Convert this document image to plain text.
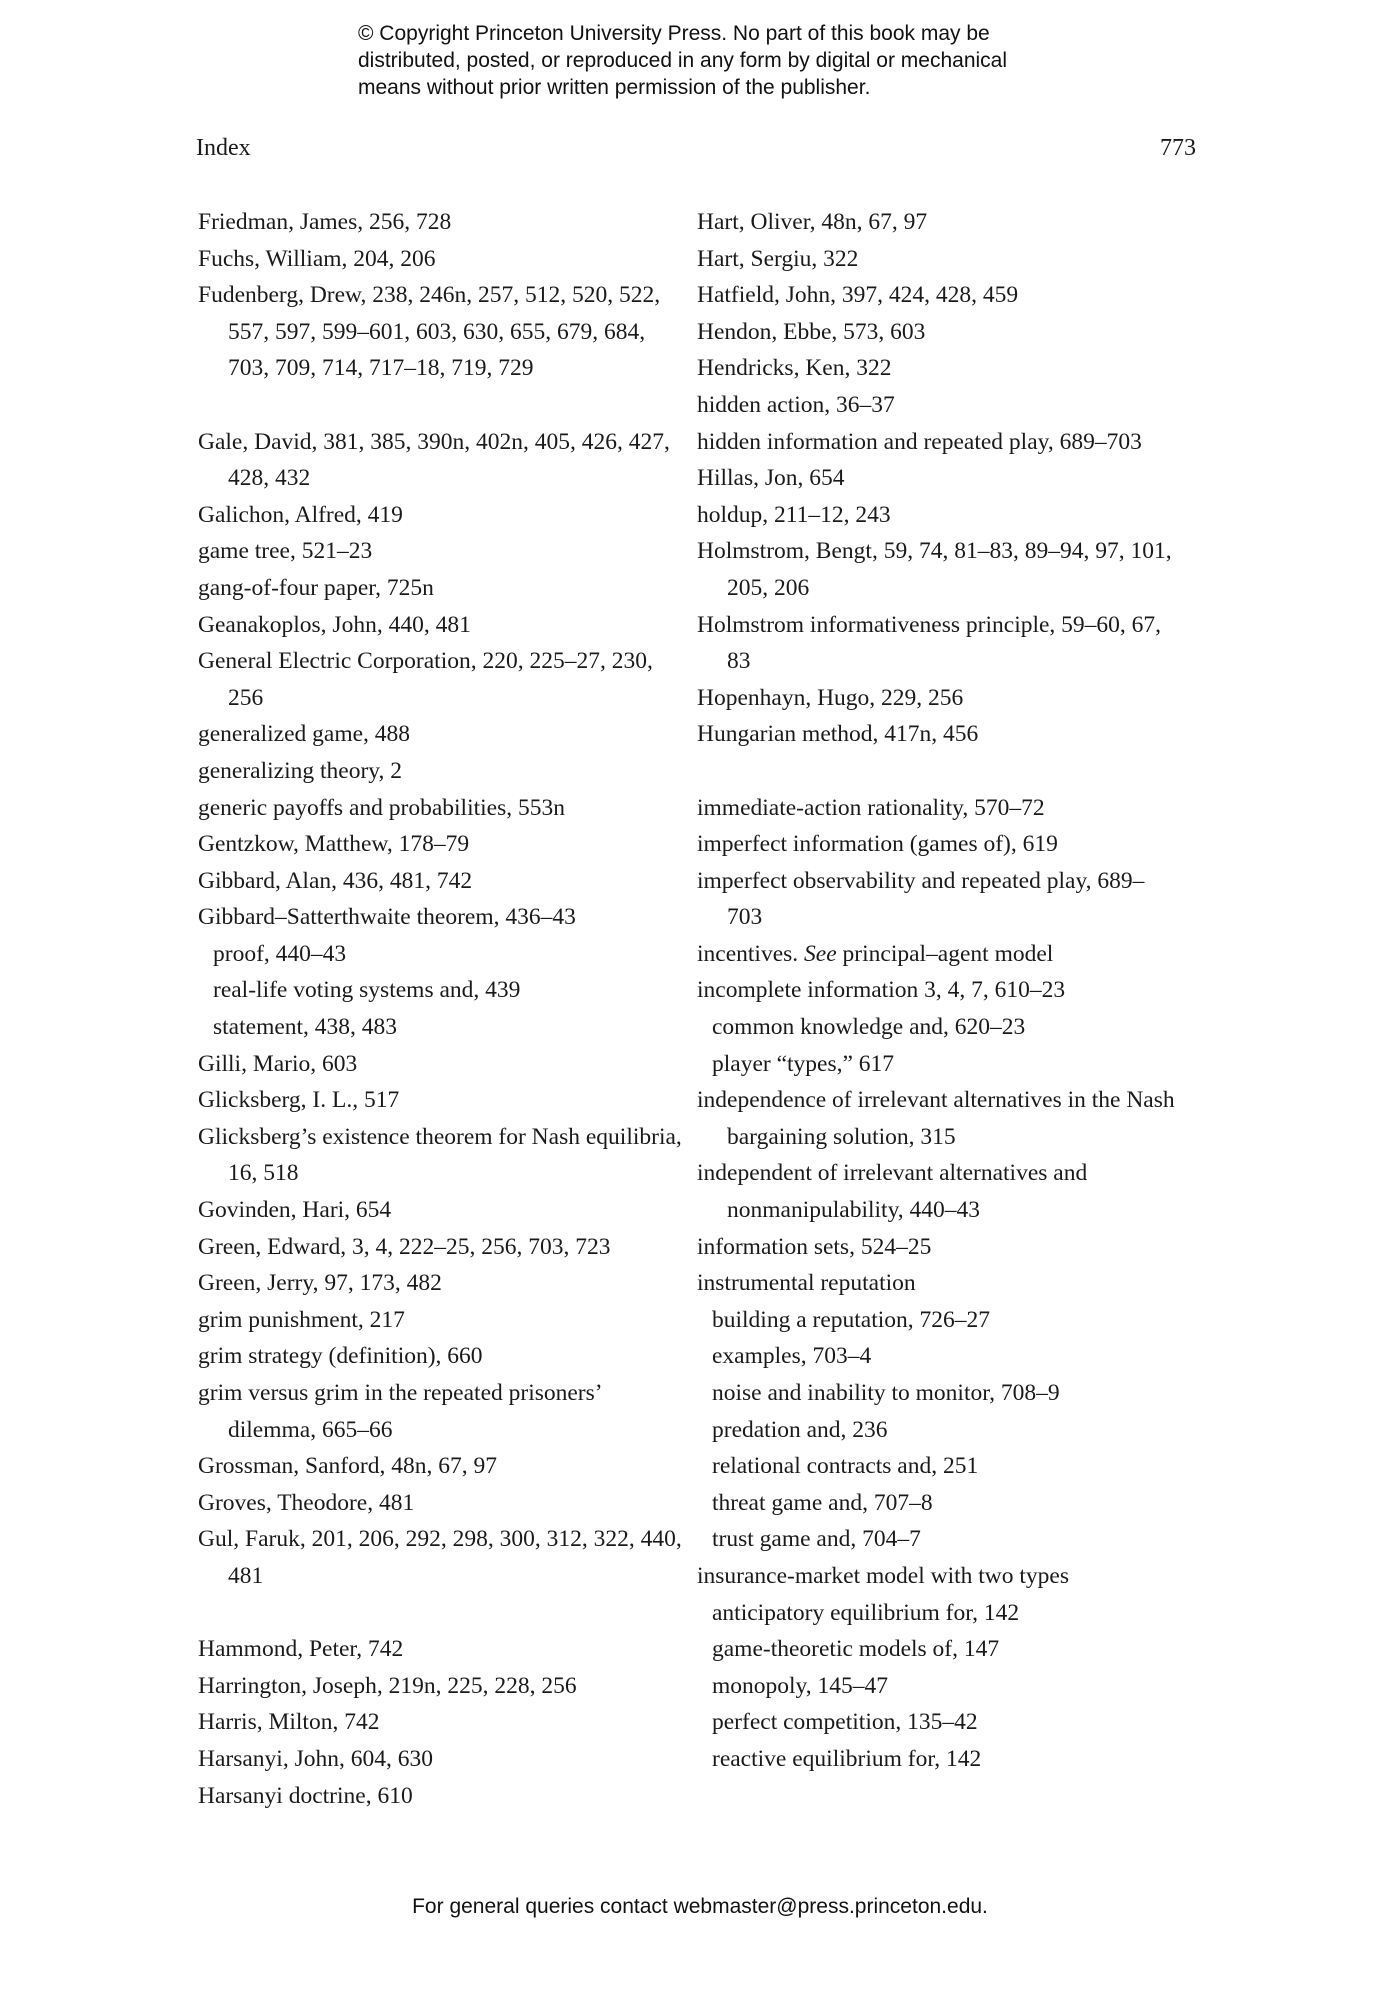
© Copyright Princeton University Press. No part of this book may be
distributed, posted, or reproduced in any form by digital or mechanical
means without prior written permission of the publisher.
Index	773

Friedman, James, 256, 728

Fuchs, William, 204, 206

Fudenberg, Drew, 238, 246n, 257, 512, 520, 522, 557, 597, 599–601, 603, 630, 655, 679, 684, 703, 709, 714, 717–18, 719, 729

Gale, David, 381, 385, 390n, 402n, 405, 426, 427, 428, 432

Galichon, Alfred, 419

game tree, 521–23

gang-of-four paper, 725n

Geanakoplos, John, 440, 481

General Electric Corporation, 220, 225–27, 230, 256

generalized game, 488

generalizing theory, 2

generic payoffs and probabilities, 553n

Gentzkow, Matthew, 178–79

Gibbard, Alan, 436, 481, 742

Gibbard–Satterthwaite theorem, 436–43

proof, 440–43

real-life voting systems and, 439

statement, 438, 483

Gilli, Mario, 603

Glicksberg, I. L., 517

Glicksberg’s existence theorem for Nash equilibria, 16, 518

Govinden, Hari, 654

Green, Edward, 3, 4, 222–25, 256, 703, 723

Green, Jerry, 97, 173, 482

grim punishment, 217

grim strategy (definition), 660

grim versus grim in the repeated prisoners’ dilemma, 665–66

Grossman, Sanford, 48n, 67, 97

Groves, Theodore, 481

Gul, Faruk, 201, 206, 292, 298, 300, 312, 322, 440, 481

Hammond, Peter, 742

Harrington, Joseph, 219n, 225, 228, 256

Harris, Milton, 742

Harsanyi, John, 604, 630

Harsanyi doctrine, 610

Hart, Oliver, 48n, 67, 97

Hart, Sergiu, 322

Hatfield, John, 397, 424, 428, 459

Hendon, Ebbe, 573, 603

Hendricks, Ken, 322

hidden action, 36–37

hidden information and repeated play, 689–703

Hillas, Jon, 654

holdup, 211–12, 243

Holmstrom, Bengt, 59, 74, 81–83, 89–94, 97, 101, 205, 206

Holmstrom informativeness principle, 59–60, 67, 83

Hopenhayn, Hugo, 229, 256

Hungarian method, 417n, 456

immediate-action rationality, 570–72

imperfect information (games of), 619

imperfect observability and repeated play, 689–703

incentives. See principal–agent model

incomplete information 3, 4, 7, 610–23

common knowledge and, 620–23

player “types,” 617

independence of irrelevant alternatives in the Nash bargaining solution, 315

independent of irrelevant alternatives and nonmanipulability, 440–43

information sets, 524–25

instrumental reputation

building a reputation, 726–27

examples, 703–4

noise and inability to monitor, 708–9

predation and, 236

relational contracts and, 251

threat game and, 707–8

trust game and, 704–7

insurance-market model with two types

anticipatory equilibrium for, 142

game-theoretic models of, 147

monopoly, 145–47

perfect competition, 135–42

reactive equilibrium for, 142

For general queries contact webmaster@press.princeton.edu.
